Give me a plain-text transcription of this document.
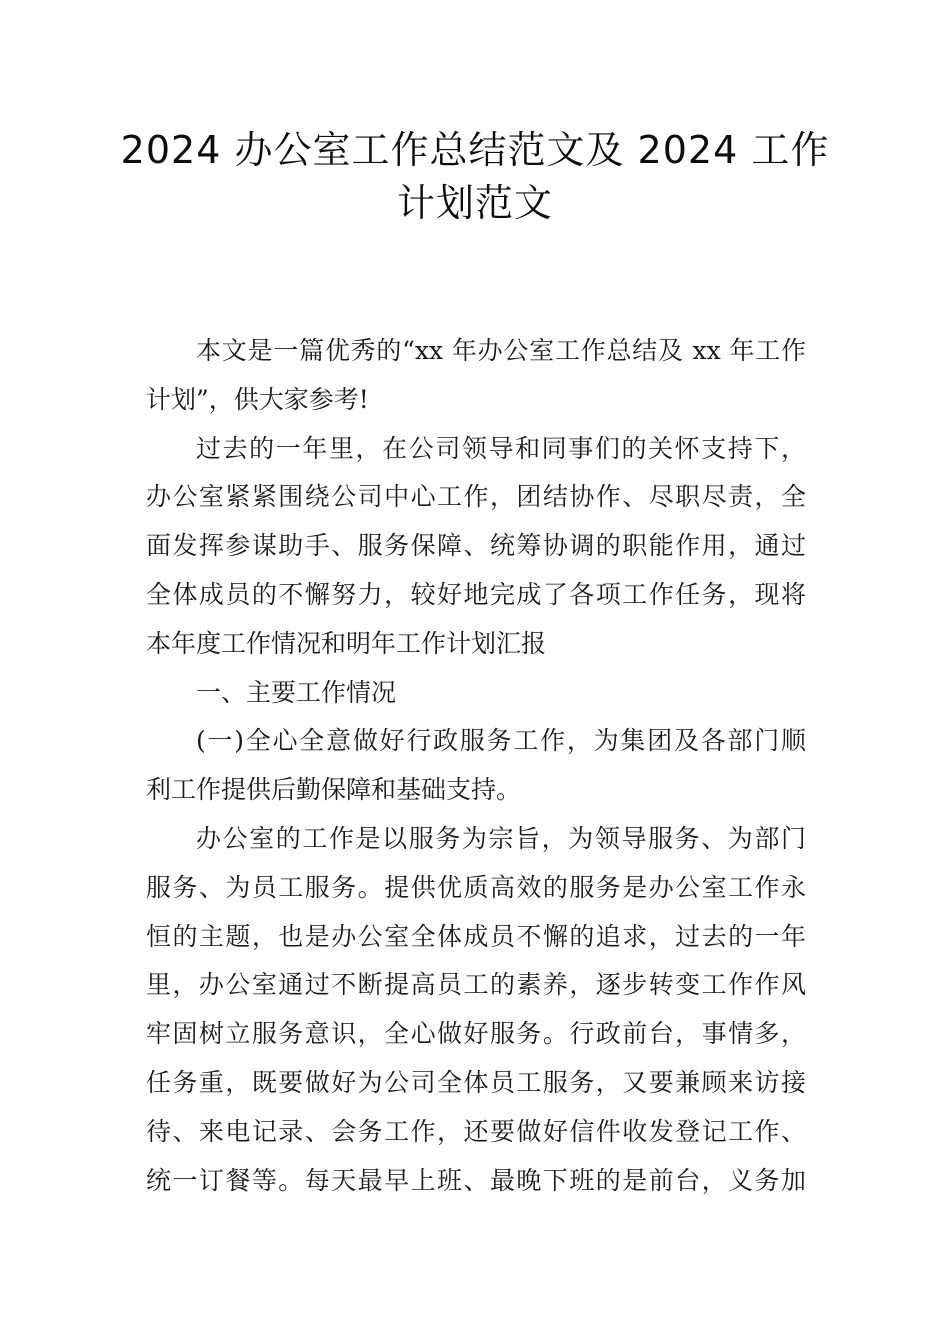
2024 办公室工作总结范文及 2024 工作
计划范文
本文是一篇优秀的“xx 年办公室工作总结及 xx 年工作
计划”，供大家参考!
过去的一年里，在公司领导和同事们的关怀支持下，
办公室紧紧围绕公司中心工作，团结协作、尽职尽责，全
面发挥参谋助手、服务保障、统筹协调的职能作用，通过
全体成员的不懈努力，较好地完成了各项工作任务，现将
本年度工作情况和明年工作计划汇报
一、主要工作情况
(一)全心全意做好行政服务工作，为集团及各部门顺
利工作提供后勤保障和基础支持。
办公室的工作是以服务为宗旨，为领导服务、为部门
服务、为员工服务。提供优质高效的服务是办公室工作永
恒的主题，也是办公室全体成员不懈的追求，过去的一年
里，办公室通过不断提高员工的素养，逐步转变工作作风
牢固树立服务意识，全心做好服务。行政前台，事情多，
任务重，既要做好为公司全体员工服务，又要兼顾来访接
待、来电记录、会务工作，还要做好信件收发登记工作、
统一订餐等。每天最早上班、最晚下班的是前台，义务加
